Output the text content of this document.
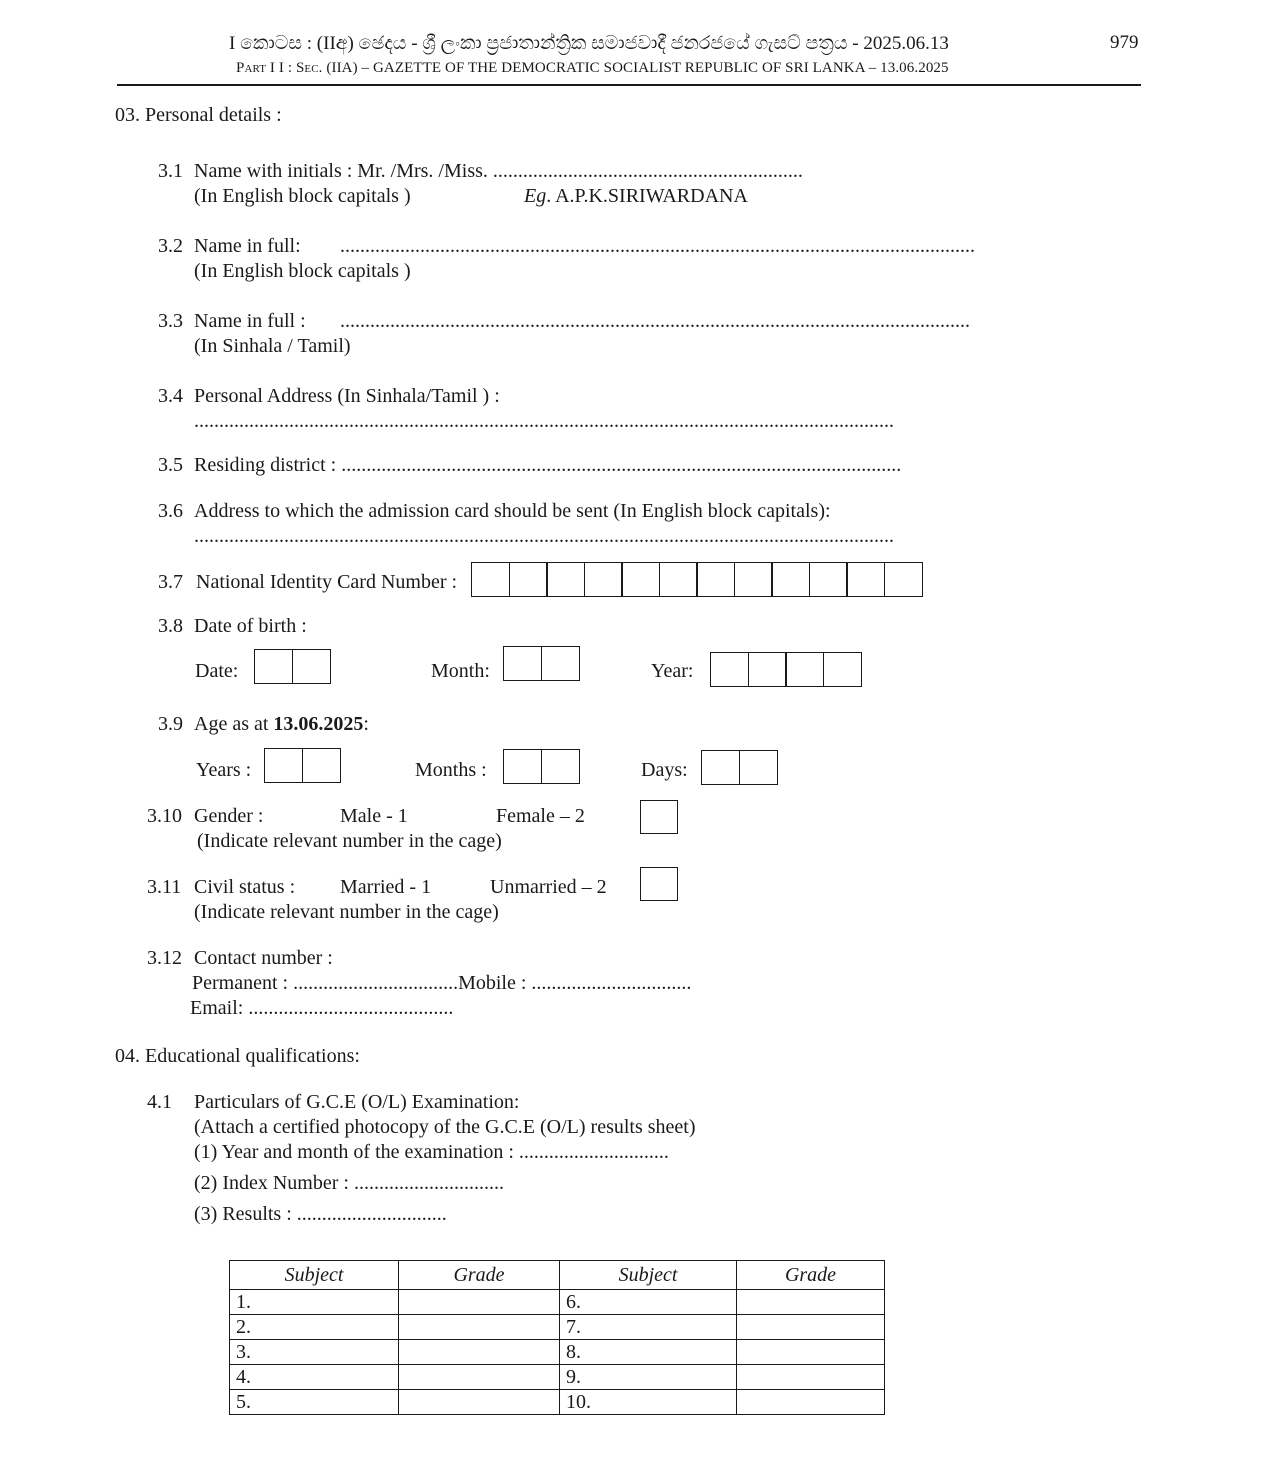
I කොටස : (IIඅ) ඡෙදය - ශ්‍රී ලංකා ප්‍රජාතාන්ත්‍රික සමාජවාදී ජනරජයේ ගැසට් පත්‍රය - 2025.06.13	979
Part I I : Sec. (IIA) – GAZETTE OF THE DEMOCRATIC SOCIALIST REPUBLIC OF SRI LANKA – 13.06.2025
03. Personal details :
3.1 Name with initials : Mr. /Mrs. /Miss. ..............................................................
(In English block capitals )	Eg. A.P.K.SIRIWARDANA
3.2 Name in full: ...............................................................................................................................
(In English block capitals )
3.3 Name in full : ..............................................................................................................................
(In Sinhala / Tamil)
3.4 Personal Address (In Sinhala/Tamil ) :
............................................................................................................................................
3.5 Residing district : ................................................................................................................
3.6 Address to which the admission card should be sent (In English block capitals):
............................................................................................................................................
3.7 National Identity Card Number :
3.8 Date of birth :
Date:	Month:	Year:
3.9 Age as at 13.06.2025:
Years :	Months :	Days:
3.10 Gender :	Male - 1	Female – 2
(Indicate relevant number in the cage)
3.11 Civil status : Married - 1	Unmarried – 2
(Indicate relevant number in the cage)
3.12 Contact number :
Permanent : .................................Mobile : ................................
Email: .........................................
04. Educational qualifications:
4.1 Particulars of G.C.E (O/L) Examination:
(Attach a certified photocopy of the G.C.E (O/L) results sheet)
(1) Year and month of the examination : ..............................
(2) Index Number : ..............................
(3) Results : ..............................
Subject	Grade	Subject	Grade
1.		6.	
2.		7.	
3.		8.	
4.		9.	
5.		10.	
